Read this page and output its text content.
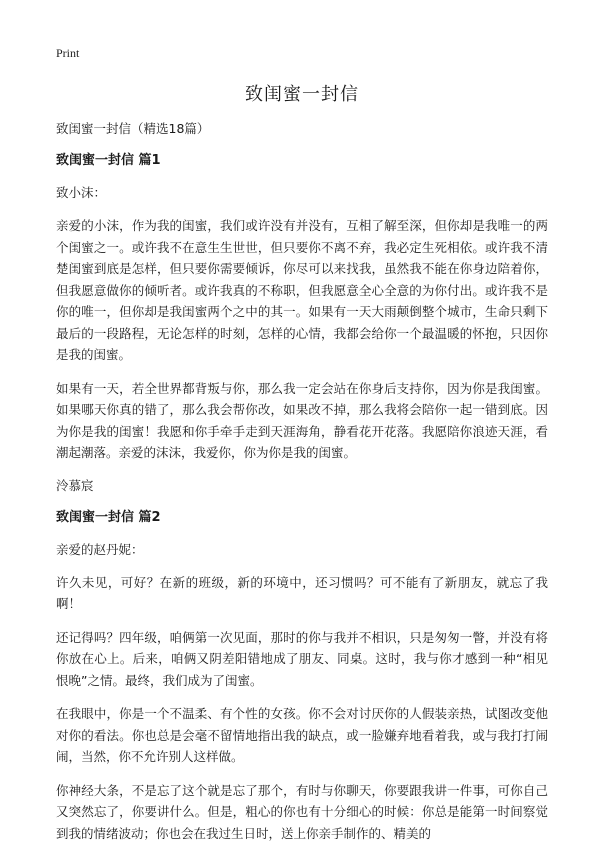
Print
致闺蜜一封信

致闺蜜一封信（精选18篇）

致闺蜜一封信 篇1

致小沫：

亲爱的小沫，作为我的闺蜜，我们或许没有并没有，互相了解至深，但你却是我唯一的两个闺蜜之一。或许我不在意生生世世，但只要你不离不弃，我必定生死相依。或许我不清楚闺蜜到底是怎样，但只要你需要倾诉，你尽可以来找我，虽然我不能在你身边陪着你，但我愿意做你的倾听者。或许我真的不称职，但我愿意全心全意的为你付出。或许我不是你的唯一，但你却是我闺蜜两个之中的其一。如果有一天大雨颠倒整个城市，生命只剩下最后的一段路程，无论怎样的时刻，怎样的心情，我都会给你一个最温暖的怀抱，只因你是我的闺蜜。

如果有一天，若全世界都背叛与你，那么我一定会站在你身后支持你，因为你是我闺蜜。如果哪天你真的错了，那么我会帮你改，如果改不掉，那么我将会陪你一起一错到底。因为你是我的闺蜜！我愿和你手牵手走到天涯海角，静看花开花落。我愿陪你浪迹天涯，看潮起潮落。亲爱的沫沫，我爱你，你为你是我的闺蜜。

泠慕宸

致闺蜜一封信 篇2

亲爱的赵丹妮：

许久未见，可好？在新的班级，新的环境中，还习惯吗？可不能有了新朋友，就忘了我啊！

还记得吗？四年级，咱俩第一次见面，那时的你与我并不相识，只是匆匆一瞥，并没有将你放在心上。后来，咱俩又阴差阳错地成了朋友、同桌。这时，我与你才感到一种“相见恨晚”之情。最终，我们成为了闺蜜。

在我眼中，你是一个不温柔、有个性的女孩。你不会对讨厌你的人假装亲热，试图改变他对你的看法。你也总是会毫不留情地指出我的缺点，或一脸嫌弃地看着我，或与我打打闹闹，当然，你不允许别人这样做。

你神经大条，不是忘了这个就是忘了那个，有时与你聊天，你要跟我讲一件事，可你自己又突然忘了，你要讲什么。但是，粗心的你也有十分细心的时候：你总是能第一时间察觉到我的情绪波动；你也会在我过生日时，送上你亲手制作的、精美的
